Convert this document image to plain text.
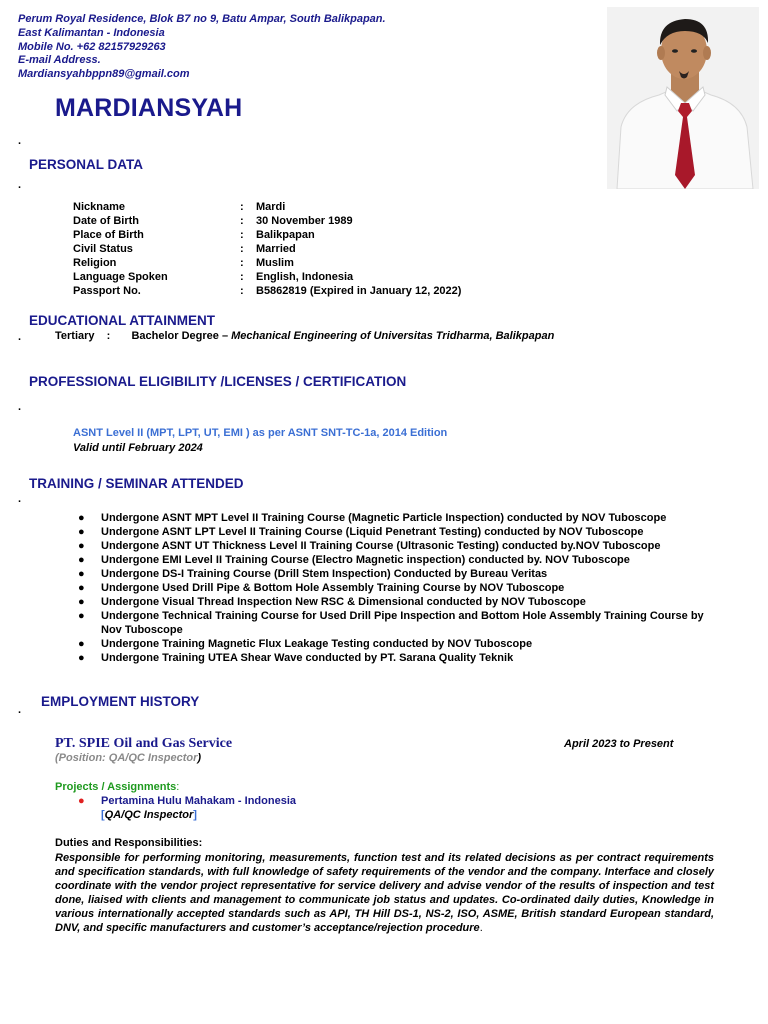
Perum Royal Residence, Blok B7 no 9, Batu Ampar, South Balikpapan.
East Kalimantan - Indonesia
Mobile No. +62 82157929263
E-mail Address.
Mardiansyahbppn89@gmail.com
MARDIANSYAH
.
PERSONAL DATA
.
Nickname	: Mardi
Date of Birth	: 30 November 1989
Place of Birth	: Balikpapan
Civil Status	: Married
Religion	: Muslim
Language Spoken	: English, Indonesia
Passport No.	: B5862819 (Expired in January 12, 2022)
EDUCATIONAL ATTAINMENT
.	Tertiary : Bachelor Degree – Mechanical Engineering of Universitas Tridharma, Balikpapan
PROFESSIONAL ELIGIBILITY /LICENSES / CERTIFICATION
.
ASNT Level II (MPT, LPT, UT, EMI ) as per ASNT SNT-TC-1a, 2014 Edition
Valid until February 2024
TRAINING / SEMINAR ATTENDED
.
● Undergone ASNT MPT Level II Training Course (Magnetic Particle Inspection) conducted by NOV Tuboscope
● Undergone ASNT LPT Level II Training Course (Liquid Penetrant Testing) conducted by NOV Tuboscope
● Undergone ASNT UT Thickness Level II Training Course (Ultrasonic Testing) conducted by.NOV Tuboscope
● Undergone EMI Level II Training Course (Electro Magnetic inspection) conducted by. NOV Tuboscope
● Undergone DS-I Training Course (Drill Stem Inspection) Conducted by Bureau Veritas
● Undergone Used Drill Pipe & Bottom Hole Assembly Training Course by NOV Tuboscope
● Undergone Visual Thread Inspection New RSC & Dimensional conducted by NOV Tuboscope
● Undergone Technical Training Course for Used Drill Pipe Inspection and Bottom Hole Assembly Training Course by Nov Tuboscope
● Undergone Training Magnetic Flux Leakage Testing conducted by NOV Tuboscope
● Undergone Training UTEA Shear Wave conducted by PT. Sarana Quality Teknik
EMPLOYMENT HISTORY
.
PT. SPIE Oil and Gas Service	April 2023 to Present
(Position: QA/QC Inspector)
Projects / Assignments:
● Pertamina Hulu Mahakam - Indonesia
[QA/QC Inspector]
Duties and Responsibilities:
Responsible for performing monitoring, measurements, function test and its related decisions as per contract requirements and specification standards, with full knowledge of safety requirements of the vendor and the company. Interface and closely coordinate with the vendor project representative for service delivery and advise vendor of the results of inspection and test done, liaised with clients and management to communicate job status and updates. Co-ordinated daily duties, Knowledge in various internationally accepted standards such as API, TH Hill DS-1, NS-2, ISO, ASME, British standard European standard, DNV, and specific manufacturers and customer’s acceptance/rejection procedure.
